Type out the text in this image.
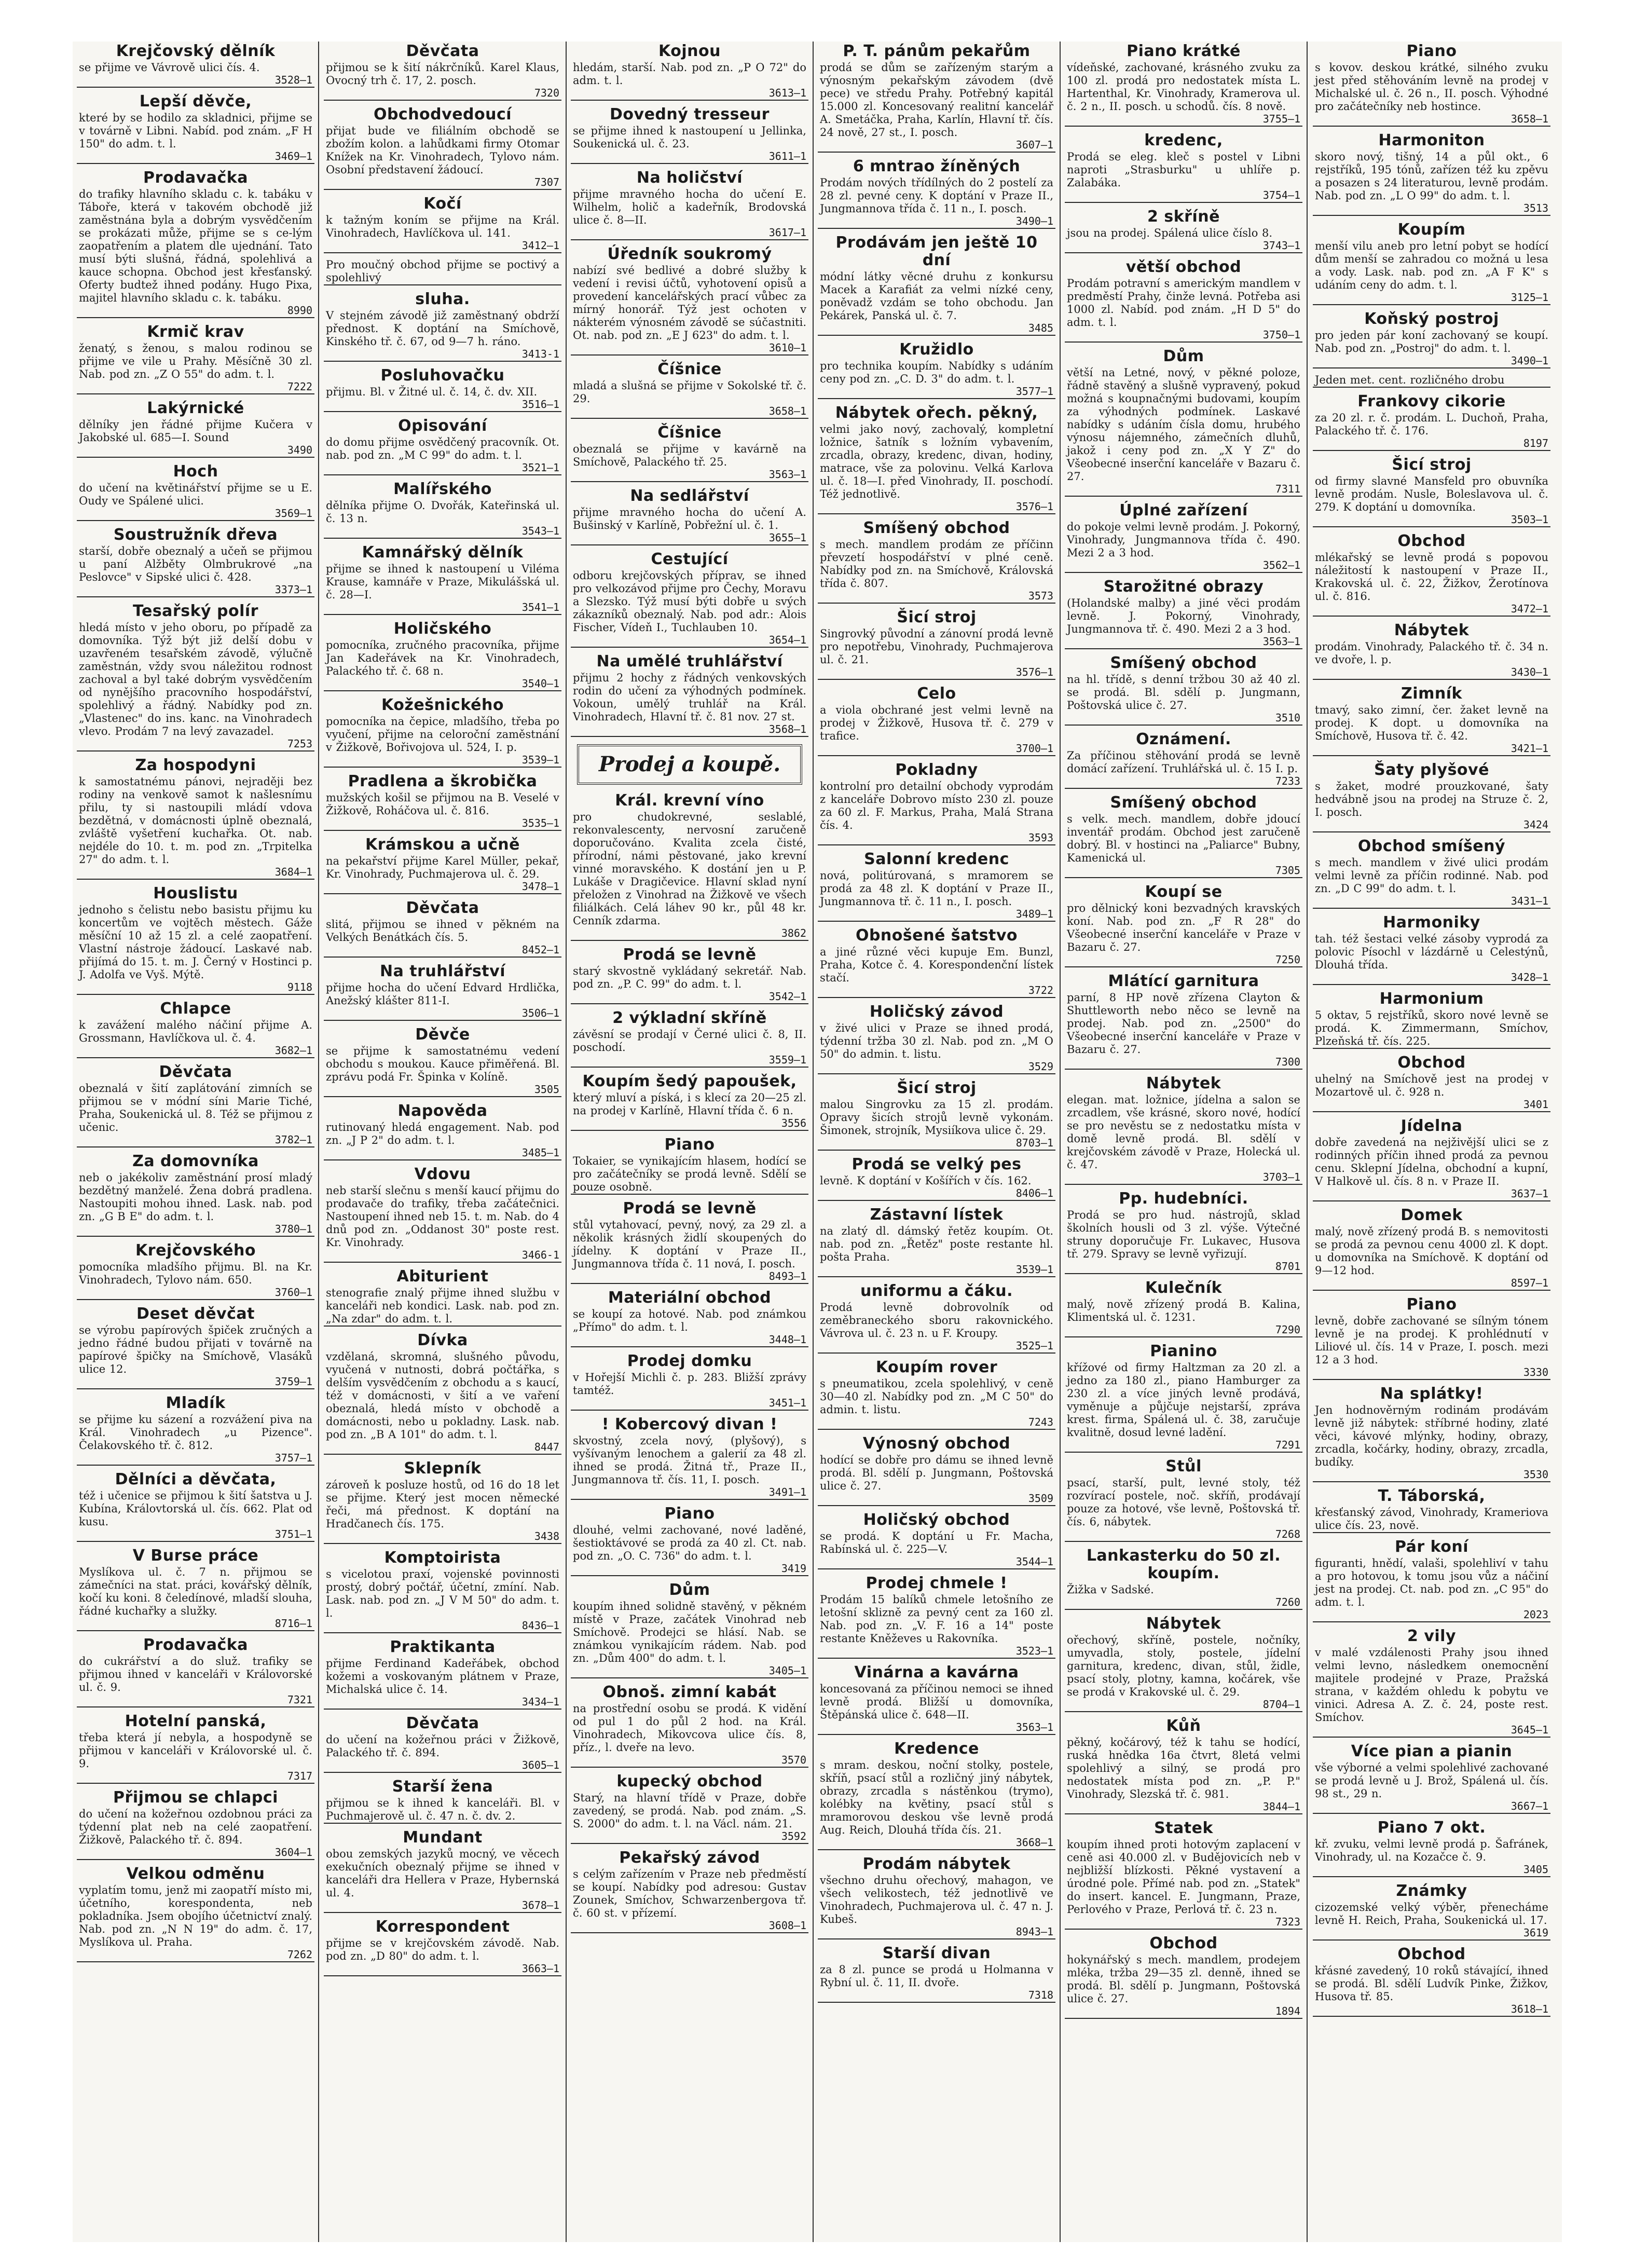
Krejčovský dělník
se přijme ve Vávrově ulici čís. 4.
3528—1
Lepší děvče,
které by se hodilo za skladnici, přijme se v továrně v Libni. Nabíd. pod znám. „F H 150" do adm. t. l.
3469—1
Prodavačka
do trafiky hlavního skladu c. k. tabáku v Táboře, která v takovém obchodě již zaměstnána byla a dobrým vysvědčením se prokázati může, přijme se s ce-lým zaopatřením a platem dle ujednání. Tato musí býti slušná, řádná, spolehlivá a kauce schopna. Obchod jest křesťanský. Oferty budtež ihned podány. Hugo Pixa, majitel hlavního skladu c. k. tabáku.
8990
Krmič krav
ženatý, s ženou, s malou rodinou se přijme ve vile u Prahy. Měsíčně 30 zl. Nab. pod zn. „Z O 55" do adm. t. l.
7222
Lakýrnické
dělníky jen řádné přijme Kučera v Jakobské ul. 685—I. Sound
3490
Hoch
do učení na květinářství přijme se u E. Oudy ve Spálené ulici.
3569—1
Soustružník dřeva
starší, dobře obeznalý a učeň se přijmou u paní Alžběty Olmbrukrové „na Peslovce" v Sipské ulici č. 428.
3373—1
Tesařský polír
hledá místo v jeho oboru, po případě za domovníka. Týž být již delší dobu v uzavřeném tesařském závodě, výlučně zaměstnán, vždy svou náležitou rodnost zachoval a byl také dobrým vysvědčením od nynějšího pracovního hospodářství, spolehlivý a řádný. Nabídky pod zn. „Vlastenec" do ins. kanc. na Vinohradech vlevo. Prodám 7 na levý zavazadel.
7253
Za hospodyni
k samostatnému pánovi, nejraději bez rodiny na venkově samot k našlesnímu přilu, ty si nastoupili mládí vdova bezdětná, v domácnosti úplně obeznalá, zvláště vyšetření kuchařka. Ot. nab. nejdéle do 10. t. m. pod zn. „Trpitelka 27" do adm. t. l.
3684—1
Houslistu
jednoho s čelistu nebo basistu přijmu ku koncertům ve vojtěch městech. Gáže měsíční 10 až 15 zl. a celé zaopatření. Vlastní nástroje žádoucí. Laskavé nab. přijímá do 15. t. m. J. Černý v Hostinci p. J. Adolfa ve Vyš. Mýtě.
9118
Chlapce
k zavážení malého náčiní přijme A. Grossmann, Havlíčkova ul. č. 4.
3682—1
Děvčata
obeznalá v šití zaplátování zimních se přijmou se v módní síni Marie Tiché, Praha, Soukenická ul. 8. Též se přijmou z učenic.
3782—1
Za domovníka
neb o jakékoliv zaměstnání prosí mladý bezdětný manželé. Žena dobrá pradlena. Nastoupiti mohou ihned. Lask. nab. pod zn. „G B E" do adm. t. l.
3780—1
Krejčovského
pomocníka mladšího přijmu. Bl. na Kr. Vinohradech, Tylovo nám. 650.
3760—1
Deset děvčat
se výrobu papírových špiček zručných a jedno řádné budou přijati v továrně na papírové špičky na Smíchově, Vlasáků ulice 12.
3759—1
Mladík
se přijme ku sázení a rozvážení piva na Král. Vinohradech „u Pizence". Čelakovského tř. č. 812.
3757—1
Dělníci a děvčata,
též i učenice se přijmou k šití šatstva u J. Kubína, Královtorská ul. čís. 662. Plat od kusu.
3751—1
V Burse práce
Myslíkova ul. č. 7 n. přijmou se zámečníci na stat. práci, kovářský dělník, kočí ku koni. 8 čeledínové, mladší slouha, řádné kuchařky a služky.
8716—1
Prodavačka
do cukrářství a do služ. trafiky se přijmou ihned v kanceláři v Královorské ul. č. 9.
7321
Hotelní panská,
třeba která jí nebyla, a hospodyně se přijmou v kanceláři v Královorské ul. č. 9.
7317
Přijmou se chlapci
do učení na kožeřnou ozdobnou práci za týdenní plat neb na celé zaopatření. Žižkově, Palackého tř. č. 894.
3604—1
Velkou odměnu
vyplatím tomu, jenž mi zaopatří místo mi, účetního, korespondenta, neb pokladníka. Jsem obojího účetnictví znalý. Nab. pod zn. „N N 19" do adm. č. 17, Myslíkova ul. Praha.
7262
Děvčata
přijmou se k šití nákrčníků. Karel Klaus, Ovocný trh č. 17, 2. posch.
7320
Obchodvedoucí
přijat bude ve filiálním obchodě se zbožím kolon. a lahůdkami firmy Otomar Knížek na Kr. Vinohradech, Tylovo nám. Osobní představení žádoucí.
7307
Kočí
k tažným koním se přijme na Král. Vinohradech, Havlíčkova ul. 141.
3412—1
Pro moučný obchod přijme se poctivý a spolehlivý
sluha.
V stejném závodě již zaměstnaný obdrží přednost. K doptání na Smíchově, Kinského tř. č. 67, od 9—7 h. ráno.
3413-1
Posluhovačku
přijmu. Bl. v Žitné ul. č. 14, č. dv. XII.
3516—1
Opisování
do domu přijme osvědčený pracovník. Ot. nab. pod zn. „M C 99" do adm. t. l.
3521—1
Malířského
dělníka přijme O. Dvořák, Kateřinská ul. č. 13 n.
3543—1
Kamnářský dělník
přijme se ihned k nastoupení u Viléma Krause, kamnáře v Praze, Mikulášská ul. č. 28—I.
3541—1
Holičského
pomocníka, zručného pracovníka, přijme Jan Kadeřávek na Kr. Vinohradech, Palackého tř. č. 68 n.
3540—1
Kožešnického
pomocníka na čepice, mladšího, třeba po vyučení, přijme na celoroční zaměstnání v Žižkově, Bořivojova ul. 524, I. p.
3539—1
Pradlena a škrobička
mužských košil se přijmou na B. Veselé v Žižkově, Roháčova ul. č. 816.
3535—1
Krámskou a učně
na pekařství přijme Karel Müller, pekař, Kr. Vinohrady, Puchmajerova ul. č. 29.
3478—1
Děvčata
slitá, přijmou se ihned v pěkném na Velkých Benátkách čís. 5.
8452—1
Na truhlářství
přijme hocha do učení Edvard Hrdlička, Anežský klášter 811-I.
3506—1
Děvče
se přijme k samostatnému vedení obchodu s moukou. Kauce přiměřená. Bl. zprávu podá Fr. Špinka v Kolíně.
3505
Napověda
rutinovaný hledá engagement. Nab. pod zn. „J P 2" do adm. t. l.
3485—1
Vdovu
neb starší slečnu s menší kaucí přijmu do prodavače do trafiky, třeba začátečnici. Nastoupení ihned neb 15. t. m. Nab. do 4 dnů pod zn. „Oddanost 30" poste rest. Kr. Vinohrady.
3466-1
Abiturient
stenografie znalý přijme ihned službu v kanceláři neb kondici. Lask. nab. pod zn. „Na zdar" do adm. t. l.
Dívka
vzdělaná, skromná, slušného původu, vyučená v nutnosti, dobrá počtářka, s delším vysvědčením z obchodu a s kaucí, též v domácnosti, v šití a ve vaření obeznalá, hledá místo v obchodě a domácnosti, nebo u pokladny. Lask. nab. pod zn. „B A 101" do adm. t. l.
8447
Sklepník
zároveň k posluze hostů, od 16 do 18 let se přijme. Který jest mocen německé řeči, má přednost. K doptání na Hradčanech čís. 175.
3438
Komptoirista
s vicelotou praxí, vojenské povinnosti prostý, dobrý počtář, účetní, zmíní. Nab. Lask. nab. pod zn. „J V M 50" do adm. t. l.
8436—1
Praktikanta
přijme Ferdinand Kadeřábek, obchod kožemi a voskovaným plátnem v Praze, Michalská ulice č. 14.
3434—1
Děvčata
do učení na kožeřnou práci v Žižkově, Palackého tř. č. 894.
3605—1
Starší žena
přijmou se k ihned k kanceláři. Bl. v Puchmajerově ul. č. 47 n. č. dv. 2.
Mundant
obou zemských jazyků mocný, ve věcech exekučních obeznalý přijme se ihned v kanceláři dra Hellera v Praze, Hybernská ul. 4.
3678—1
Korrespondent
přijme se v krejčovském závodě. Nab. pod zn. „D 80" do adm. t. l.
3663—1
Kojnou
hledám, starší. Nab. pod zn. „P O 72" do adm. t. l.
3613—1
Dovedný tresseur
se přijme ihned k nastoupení u Jellinka, Soukenická ul. č. 23.
3611—1
Na holičství
přijme mravného hocha do učení E. Wilhelm, holič a kadeřník, Brodovská ulice č. 8—II.
3617—1
Úředník soukromý
nabízí své bedlivé a dobré služby k vedení i revisi účtů, vyhotovení opisů a provedení kancelářských prací vůbec za mírný honorář. Týž jest ochoten v nákterém výnosném závodě se súčastniti. Ot. nab. pod zn. „E J 623" do adm. t. l.
3610—1
Číšnice
mladá a slušná se přijme v Sokolské tř. č. 29.
3658—1
Číšnice
obeznalá se přijme v kavárně na Smíchově, Palackého tř. 25.
3563—1
Na sedlářství
přijme mravného hocha do učení A. Bušinský v Karlíně, Pobřežní ul. č. 1.
3655—1
Cestující
odboru krejčovských příprav, se ihned pro velkozávod přijme pro Čechy, Moravu a Slezsko. Týž musí býti dobře u svých zákazníků obeznalý. Nab. pod adr.: Alois Fischer, Vídeň I., Tuchlauben 10.
3654—1
Na umělé truhlářství
přijmu 2 hochy z řádných venkovských rodin do učení za výhodných podmínek. Vokoun, umělý truhlář na Král. Vinohradech, Hlavní tř. č. 81 nov. 27 st.
3568—1
Prodej a koupě.
Král. krevní víno
pro chudokrevné, seslablé, rekonvalescenty, nervosní zaručeně doporučováno. Kvalita zcela čisté, přírodní, námi pěstované, jako krevní vinné moravského. K dostání jen u P. Lukáše v Dragičevice. Hlavní sklad nyní přeložen z Vinohrad na Žižkově ve všech filiálkách. Celá láhev 90 kr., půl 48 kr. Cenník zdarma.
3862
Prodá se levně
starý skvostně vykládaný sekretář. Nab. pod zn. „P. C. 99" do adm. t. l.
3542—1
2 výkladní skříně
závěsní se prodají v Černé ulici č. 8, II. poschodí.
3559—1
Koupím šedý papoušek,
který mluví a píská, i s klecí za 20—25 zl. na prodej v Karlíně, Hlavní třída č. 6 n.
3556
Piano
Tokaier, se vynikajícím hlasem, hodící se pro začátečníky se prodá levně. Sdělí se pouze osobně.
Prodá se levně
stůl vytahovací, pevný, nový, za 29 zl. a několik krásných židlí skoupených do jídelny. K doptání v Praze II., Jungmannova třída č. 11 nová, I. posch.
8493—1
Materiální obchod
se koupí za hotové. Nab. pod známkou „Přímo" do adm. t. l.
3448—1
Prodej domku
v Hořejší Michli č. p. 283. Bližší zprávy tamtéž.
3451—1
! Kobercový divan !
skvostný, zcela nový, (plyšový), s vyšívaným lenochem a galerií za 48 zl. ihned se prodá. Žitná tř., Praze II., Jungmannova tř. čís. 11, I. posch.
3491—1
Piano
dlouhé, velmi zachované, nové laděné, šestioktávové se prodá za 40 zl. Ct. nab. pod zn. „O. C. 736" do adm. t. l.
3419
Dům
koupím ihned solidně stavěný, v pěkném místě v Praze, začátek Vinohrad neb Smíchově. Prodejci se hlásí. Nab. se známkou vynikajícím rádem. Nab. pod zn. „Dům 400" do adm. t. l.
3405—1
Obnoš. zimní kabát
na prostřední osobu se prodá. K vidění od pul 1 do půl 2 hod. na Král. Vinohradech, Mikovcova ulice čís. 8, příz., l. dveře na levo.
3570
kupecký obchod
Starý, na hlavní třídě v Praze, dobře zavedený, se prodá. Nab. pod znám. „S. S. 2000" do adm. t. l. na Václ. nám. 21.
3592
Pekařský závod
s celým zařízením v Praze neb předměstí se koupí. Nabídky pod adresou: Gustav Zounek, Smíchov, Schwarzenbergova tř. č. 60 st. v přízemí.
3608—1
P. T. pánům pekařům
prodá se dům se zařízeným starým a výnosným pekařským závodem (dvě pece) ve středu Prahy. Potřebný kapitál 15.000 zl. Koncesovaný realitní kancelář A. Smetáčka, Praha, Karlín, Hlavní tř. čís. 24 nově, 27 st., I. posch.
3607—1
6 mntrao žíněných
Prodám nových třídílných do 2 postelí za 28 zl. pevné ceny. K doptání v Praze II., Jungmannova třída č. 11 n., I. posch.
3490—1
Prodávám jen ještě 10 dní
módní látky věcné druhu z konkursu Macek a Karafiát za velmi nízké ceny, poněvadž vzdám se toho obchodu. Jan Pekárek, Panská ul. č. 7.
3485
Kružidlo
pro technika koupím. Nabídky s udáním ceny pod zn. „C. D. 3" do adm. t. l.
3577—1
Nábytek ořech. pěkný,
velmi jako nový, zachovalý, kompletní ložnice, šatník s ložním vybavením, zrcadla, obrazy, kredenc, divan, hodiny, matrace, vše za polovinu. Velká Karlova ul. č. 18—I. před Vinohrady, II. poschodí. Též jednotlivě.
3576—1
Smíšený obchod
s mech. mandlem prodám ze příčinn převzetí hospodářství v plné ceně. Nabídky pod zn. na Smíchově, Královská třída č. 807.
3573
Šicí stroj
Singrovký původní a zánovní prodá levně pro nepotřebu, Vinohrady, Puchmajerova ul. č. 21.
3576—1
Celo
a viola obchrané jest velmi levně na prodej v Žižkově, Husova tř. č. 279 v trafice.
3700—1
Pokladny
kontrolní pro detailní obchody vyprodám z kanceláře Dobrovo místo 230 zl. pouze za 60 zl. F. Markus, Praha, Malá Strana čís. 4.
3593
Salonní kredenc
nová, politúrovaná, s mramorem se prodá za 48 zl. K doptání v Praze II., Jungmannova tř. č. 11 n., I. posch.
3489—1
Obnošené šatstvo
a jiné různé věci kupuje Em. Bunzl, Praha, Kotce č. 4. Korespondenční lístek stačí.
3722
Holičský závod
v živé ulici v Praze se ihned prodá, týdenní tržba 30 zl. Nab. pod zn. „M O 50" do admin. t. listu.
3529
Šicí stroj
malou Singrovku za 15 zl. prodám. Opravy šicích strojů levně vykonám. Šimonek, strojník, Mysiíkova ulice č. 29.
8703—1
Prodá se velký pes
levně. K doptání v Košířích v čís. 162.
8406—1
Zástavní lístek
na zlatý dl. dámský řetěz koupím. Ot. nab. pod zn. „Řetěz" poste restante hl. pošta Praha.
3539—1
uniformu a čáku.
Prodá levně dobrovolník od zeměbraneckého sboru rakovnického. Vávrova ul. č. 23 n. u F. Kroupy.
3525—1
Koupím rover
s pneumatikou, zcela spolehlivý, v ceně 30—40 zl. Nabídky pod zn. „M C 50" do admin. t. listu.
7243
Výnosný obchod
hodící se dobře pro dámu se ihned levně prodá. Bl. sdělí p. Jungmann, Poštovská ulice č. 27.
3509
Holičský obchod
se prodá. K doptání u Fr. Macha, Rabínská ul. č. 225—V.
3544—1
Prodej chmele !
Prodám 15 balíků chmele letošního ze letošní sklizně za pevný cent za 160 zl. Nab. pod zn. „V. F. 16 a 14" poste restante Kněževes u Rakovníka.
3523—1
Vinárna a kavárna
koncesovaná za příčinou nemoci se ihned levně prodá. Bližší u domovníka, Štěpánská ulice č. 648—II.
3563—1
Kredence
s mram. deskou, noční stolky, postele, skříň, psací stůl a rozličný jiný nábytek, obrazy, zrcadla s nástěnkou (trymo), kolébky na květiny, psací stůl s mramorovou deskou vše levně prodá Aug. Reich, Dlouhá třída čís. 21.
3668—1
Prodám nábytek
všechno druhu ořechový, mahagon, ve všech velikostech, též jednotlivě ve Vinohradech, Puchmajerova ul. č. 47 n. J. Kubeš.
8943—1
Starší divan
za 8 zl. punce se prodá u Holmanna v Rybní ul. č. 11, II. dvoře.
7318
Piano krátké
vídeňské, zachované, krásného zvuku za 100 zl. prodá pro nedostatek místa L. Hartenthal, Kr. Vinohrady, Kramerova ul. č. 2 n., II. posch. u schodů. čís. 8 nově.
3755—1
kredenc,
Prodá se eleg. kleč s postel v Libni naproti „Strasburku" u uhlíře p. Zalabáka.
3754—1
2 skříně
jsou na prodej. Spálená ulice číslo 8.
3743—1
větší obchod
Prodám potravní s americkým mandlem v predměstí Prahy, činže levná. Potřeba asi 1000 zl. Nabíd. pod znám. „H D 5" do adm. t. l.
3750—1
Dům
větší na Letné, nový, v pěkné poloze, řádně stavěný a slušně vypravený, pokud možná s koupnačnými budovami, koupím za výhodných podmínek. Laskavé nabídky s udáním čísla domu, hrubého výnosu nájemného, zámečních dluhů, jakož i ceny pod zn. „X Y Z" do Všeobecné inserční kanceláře v Bazaru č. 27.
7311
Úplné zařízení
do pokoje velmi levně prodám. J. Pokorný, Vinohrady, Jungmannova třída č. 490. Mezi 2 a 3 hod.
3562—1
Starožitné obrazy
(Holandské malby) a jiné věci prodám levně. J. Pokorný, Vinohrady, Jungmannova tř. č. 490. Mezi 2 a 3 hod.
3563—1
Smíšený obchod
na hl. třídě, s denní tržbou 30 až 40 zl. se prodá. Bl. sdělí p. Jungmann, Poštovská ulice č. 27.
3510
Oznámení.
Za příčinou stěhování prodá se levně domácí zařízení. Truhlářská ul. č. 15 I. p.
7233
Smíšený obchod
s velk. mech. mandlem, dobře jdoucí inventář prodám. Obchod jest zaručeně dobrý. Bl. v hostinci na „Paliarce" Bubny, Kamenická ul.
7305
Koupí se
pro dělnický koni bezvadných kravských koní. Nab. pod zn. „F R 28" do Všeobecné inserční kanceláře v Praze v Bazaru č. 27.
7250
Mlátící garnitura
parní, 8 HP nově zřízena Clayton & Shuttleworth nebo něco se levně na prodej. Nab. pod zn. „2500" do Všeobecné inserční kanceláře v Praze v Bazaru č. 27.
7300
Nábytek
elegan. mat. ložnice, jídelna a salon se zrcadlem, vše krásné, skoro nové, hodící se pro nevěstu se z nedostatku místa v domě levně prodá. Bl. sdělí v krejčovském závodě v Praze, Holecká ul. č. 47.
3703—1
Pp. hudebníci.
Prodá se pro hud. nástrojů, sklad školních housli od 3 zl. výše. Výtečné struny doporučuje Fr. Lukavec, Husova tř. 279. Spravy se levně vyřizují.
8701
Kulečník
malý, nově zřízený prodá B. Kalina, Klimentská ul. č. 1231.
7290
Pianino
křížové od firmy Haltzman za 20 zl. a jedno za 180 zl., piano Hamburger za 230 zl. a více jiných levně prodává, vyměnuje a půjčuje nejstarší, zpráva krest. firma, Spálená ul. č. 38, zaručuje kvalitně, dosud levné ladění.
7291
Stůl
psací, starší, pult, levné stoly, též rozvírací postele, noč. skříň, prodávají pouze za hotové, vše levně, Poštovská tř. čís. 6, nábytek.
7268
Lankasterku do 50 zl. koupím.
Žižka v Sadské.
7260
Nábytek
ořechový, skříně, postele, nočníky, umyvadla, stoly, postele, jídelní garnitura, kredenc, divan, stůl, židle, psací stoly, plotny, kamna, kočárek, vše se prodá v Krakovské ul. č. 29.
8704—1
Kůň
pěkný, kočárový, též k tahu se hodící, ruská hnědka 16a čtvrt, 8letá velmi spolehlivý a silný, se prodá pro nedostatek místa pod zn. „P. P." Vinohrady, Slezská tř. č. 981.
3844—1
Statek
koupím ihned proti hotovým zaplacení v ceně asi 40.000 zl. v Budějovicích neb v nejbližší blízkosti. Pěkné vystavení a úrodné pole. Přímé nab. pod zn. „Statek" do insert. kancel. E. Jungmann, Praze, Perlového v Praze, Perlová tř. č. 23 n.
7323
Obchod
hokynářský s mech. mandlem, prodejem mléka, tržba 29—35 zl. denně, ihned se prodá. Bl. sdělí p. Jungmann, Poštovská ulice č. 27.
1894
Piano
s kovov. deskou krátké, silného zvuku jest před stěhováním levně na prodej v Michalské ul. č. 26 n., II. posch. Výhodné pro začátečníky neb hostince.
3658—1
Harmoniton
skoro nový, tišný, 14 a půl okt., 6 rejstříků, 195 tónů, zařízen též ku zpěvu a posazen s 24 literaturou, levně prodám. Nab. pod zn. „L O 99" do adm. t. l.
3513
Koupím
menší vilu aneb pro letní pobyt se hodící dům menší se zahradou co možná u lesa a vody. Lask. nab. pod zn. „A F K" s udáním ceny do adm. t. l.
3125—1
Koňský postroj
pro jeden pár koní zachovaný se koupí. Nab. pod zn. „Postroj" do adm. t. l.
3490—1
Jeden met. cent. rozličného drobu
Frankovy cikorie
za 20 zl. r. č. prodám. L. Duchoň, Praha, Palackého tř. č. 176.
8197
Šicí stroj
od firmy slavné Mansfeld pro obuvníka levně prodám. Nusle, Boleslavova ul. č. 279. K doptání u domovníka.
3503—1
Obchod
mlékařský se levně prodá s popovou náležitostí k nastoupení v Praze II., Krakovská ul. č. 22, Žižkov, Žerotínova ul. č. 816.
3472—1
Nábytek
prodám. Vinohrady, Palackého tř. č. 34 n. ve dvoře, l. p.
3430—1
Zimník
tmavý, sako zimní, čer. žaket levně na prodej. K dopt. u domovníka na Smíchově, Husova tř. č. 42.
3421—1
Šaty plyšové
s žaket, modré prouzkované, šaty hedvábně jsou na prodej na Struze č. 2, I. posch.
3424
Obchod smíšený
s mech. mandlem v živé ulici prodám velmi levně za příčin rodinné. Nab. pod zn. „D C 99" do adm. t. l.
3431—1
Harmoniky
tah. též šestaci velké zásoby vyprodá za polovic Písochl v lázdárně u Celestýnů, Dlouhá třída.
3428—1
Harmonium
5 oktav, 5 rejstříků, skoro nové levně se prodá. K. Zimmermann, Smíchov, Plzeňská tř. čís. 225.
Obchod
uhelný na Smíchově jest na prodej v Mozartově ul. č. 928 n.
3401
Jídelna
dobře zavedená na nejživější ulici se z rodinných příčin ihned prodá za pevnou cenu. Sklepní Jídelna, obchodní a kupní, V Halkově ul. čís. 8 n. v Praze II.
3637—1
Domek
malý, nově zřízený prodá B. s nemovitosti se prodá za pevnou cenu 4000 zl. K dopt. u domovníka na Smíchově. K doptání od 9—12 hod.
8597—1
Piano
levně, dobře zachované se sílným tónem levně je na prodej. K prohlédnutí v Liliové ul. čís. 14 v Praze, I. posch. mezi 12 a 3 hod.
3330
Na splátky!
Jen hodnověrným rodinám prodávám levně již nábytek: stříbrné hodiny, zlaté věci, kávové mlýnky, hodiny, obrazy, zrcadla, kočárky, hodiny, obrazy, zrcadla, budíky.
3530
T. Táborská,
křesťanský závod, Vinohrady, Krameriova ulice čís. 23, nově.
Pár koní
figuranti, hnědí, valaši, spolehliví v tahu a pro hotovou, k tomu jsou vůz a náčiní jest na prodej. Ct. nab. pod zn. „C 95" do adm. t. l.
2023
2 vily
v malé vzdálenosti Prahy jsou ihned velmi levno, následkem onemocnění majitele prodejné v Praze, Pražská strana, v každém ohledu k pobytu ve vinici. Adresa A. Z. č. 24, poste rest. Smíchov.
3645—1
Více pian a pianin
vše výborné a velmi spolehlivé zachované se prodá levně u J. Brož, Spálená ul. čís. 98 st., 29 n.
3667—1
Piano 7 okt.
kř. zvuku, velmi levně prodá p. Šafránek, Vinohrady, ul. na Kozačce č. 9.
3405
Známky
cizozemské velký výběr, přenecháme levně H. Reich, Praha, Soukenická ul. 17.
3619
Obchod
křásné zavedený, 10 roků stávající, ihned se prodá. Bl. sdělí Ludvík Pinke, Žižkov, Husova tř. 85.
3618—1
